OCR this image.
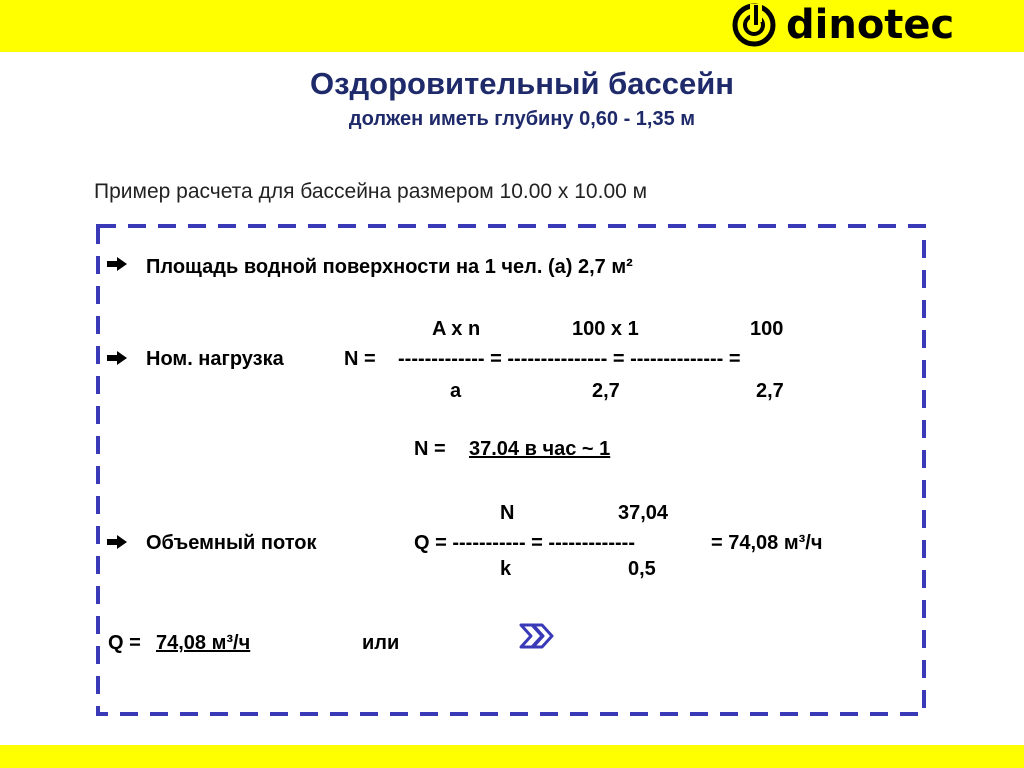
dinotec
Оздоровительный бассейн
должен иметь глубину 0,60 - 1,35 м
Пример расчета для бассейна размером 10.00 x 10.00 м
Площадь водной поверхности на 1 чел. (а) 2,7 м²
A x n	100 x 1	100
Ном. нагрузка	N = ------------- = --------------- = -------------- =
a	2,7	2,7
N = 37.04 в час ~ 1
N	37,04
Объемный поток	Q = ----------- = -------------	= 74,08 м³/ч
k	0,5
Q = 74,08 м³/ч	или
